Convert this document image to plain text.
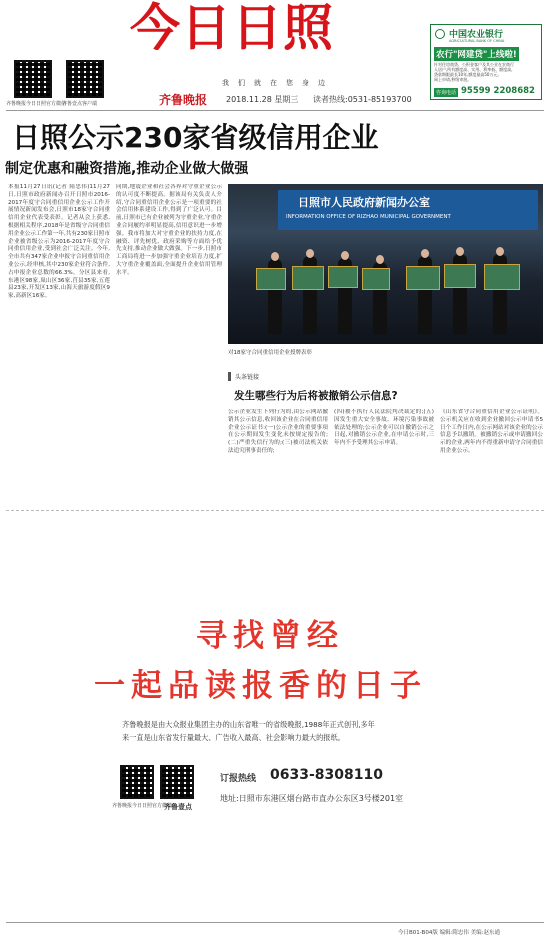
齐鲁晚报今日日照官方微信
齐鲁壹点客户端
今日日照
我们就在您身边
齐鲁晚报 2018.11.28 星期三 读者热线:0531-85193700
中国农业银行
AGRICULTURAL BANK OF CHINA
农行"网建贷"上线啦!
针对住房商贷、公积金客户及其公业在农商行
人居户,所有额度高、实用、利率低、额度高,
贷款期限最长10年,额度最高50万元,
网上申请,秒级审批。
咨询电话 95599 2208682
日照公示230家省级信用企业
制定优惠和融资措施,推动企业做大做强
本报11月27日讯(记者 隋忠伟)11月27日,日照市政府新闻办召开日照市2016-2017年度守合同重信用企业公示工作开展情况新闻发布会,日照市18家守合同重信用企业代表受表彰。记者从会上获悉,根据相关程序,2018年是省级守合同重信用企业公示工作第一年,共有230家日照市企业被省级公示为2016-2017年度守合同重信用企业,受到社会广泛关注。今年,全市共有347家企业申报守合同重信用企业公示,经审核,其中230家企业符合条件,占申报企业总数的66.3%。分区县来看,东港区98家,岚山区36家,莒县35家,五莲县23家,开发区13家,山海天旅游度假区9家,高新区16家。
同期,地震企业和社会各界对守重企业公示的认可度不断提高。据该局有关负责人介绍,守合同重信用企业公示是一项重要的社会信用体系建设工作,得到了广泛认可。目前,日照市已有企业被列为守重企业,守重企业合同履约率明显提高,信用意识进一步增强。我市将加大对守重企业的扶持力度,在融资、评先树优、政府采购等方面给予优先支持,推动企业做大做强。下一步,日照市工商局将进一步加强守重企业培育力度,扩大守重企业覆盖面,全面提升企业信用管理水平。
日照市人民政府新闻办公室
INFORMATION OFFICE OF RIZHAO MUNICIPAL GOVERNMENT
对18家守合同重信用企业授牌表彰
头条链接
发生哪些行为后将被撤销公示信息?
公示企业发生下列行为的,由公示网站撤销其公示信息,收回该企业在合同重信用企业公示证书:(一)公示企业的重要事项在公示期间发生变化未按规定报告的;(二)严重失信行为的;(三)被司法机关依法追究刑事责任的;
(四)被不执行人民法院判决裁定的;(五)因发生重大安全事故、环境污染事故被依法处理的;公示企业可以自撤销公示之日起,对撤销公示企业,在申请公示时,三年内不予受理其公示申请。
《山东省守合同重信用企业公示证明》。公示机关应在收到企业撤回公示申请书5日个工作日内,在公示网站对该企业的公示信息予以撤销。被撤销公示或申请撤回公示的企业,两年内不得重新申请守合同重信用企业公示。
寻找曾经
一起品读报香的日子
齐鲁晚报是由大众报业集团主办的山东省唯一的省级晚报,1988年正式创刊,多年
来一直是山东省发行量最大、广告收入最高、社会影响力最大的报纸。
齐鲁晚报今日日照官方微信
齐鲁壹点
订报热线 0633-8308110
地址:日照市东港区烟台路市直办公东区3号楼201室
今日B01-B04版 编辑:隋忠伟 美编:赵东通
